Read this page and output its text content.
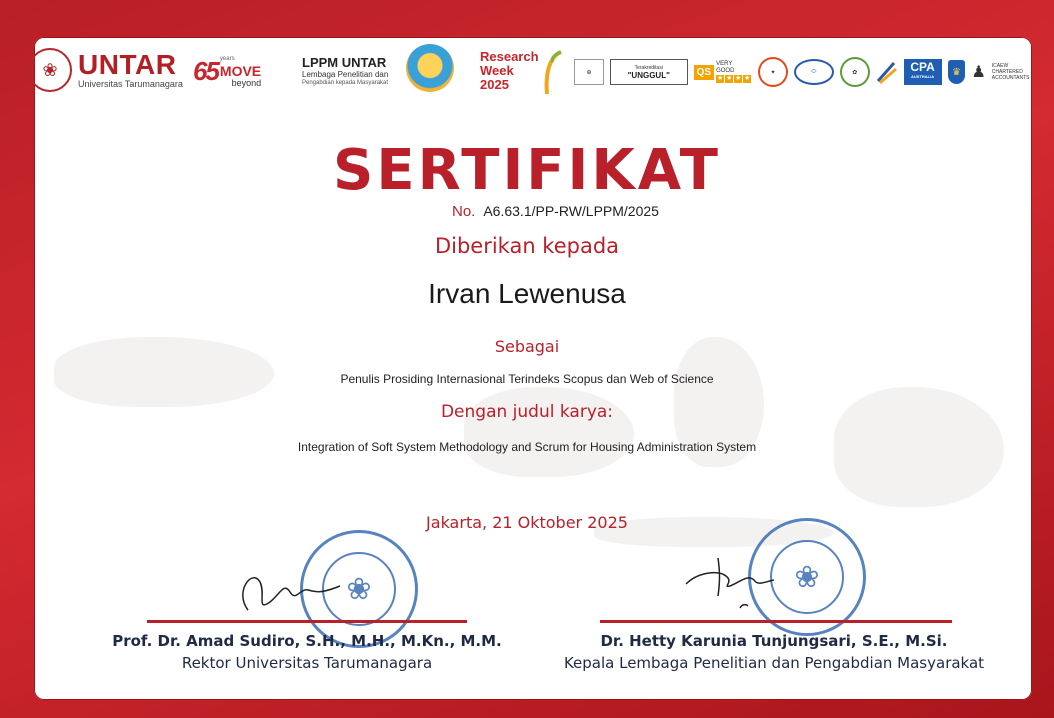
❀ UNTAR
Universitas Tarumanagara 65 years
MOVE
beyond
LPPM UNTAR
Lembaga Penelitian dan
Pengabdian kepada Masyarakat
Research
Week
2025
⊕
Terakreditasi
"UNGGUL"	QS
VERY GOOD
★ ★ ★ ★
✦	⬭	✿	CPA
AUSTRALIA	♛ ♟ ICAEW
CHARTERED
ACCOUNTANTS
SERTIFIKAT
No. A6.63.1/PP-RW/LPPM/2025
Diberikan kepada
Irvan Lewenusa
Sebagai
Penulis Prosiding Internasional Terindeks Scopus dan Web of Science
Dengan judul karya:
Integration of Soft System Methodology and Scrum for Housing Administration System
Jakarta, 21 Oktober 2025
❀	❀
Prof. Dr. Amad Sudiro, S.H., M.H., M.Kn., M.M.
Rektor Universitas Tarumanagara
Dr. Hetty Karunia Tunjungsari, S.E., M.Si.
Kepala Lembaga Penelitian dan Pengabdian Masyarakat
